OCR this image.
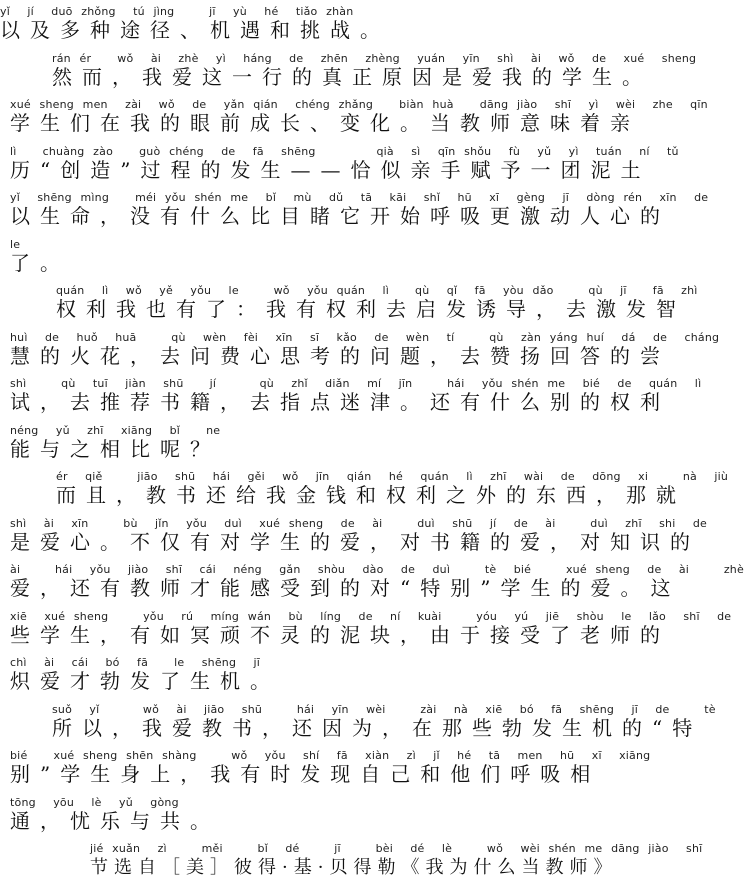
yǐ  jí  duō zhǒng  tú jìng    jī  yù  hé  tiǎo zhàn
以及多种途径、机遇和挑战。
rán ér   wǒ  ài  zhè  yì  háng  de  zhēn  zhèng  yuán  yīn  shì  ài  wǒ  de  xué  sheng
然而，我爱这一行的真正原因是爱我的学生。
xué sheng men  zài  wǒ  de  yǎn qián  chéng zhǎng   biàn huà   dāng jiào  shī  yì  wèi  zhe  qīn
学生们在我的眼前成长、变化。当教师意味着亲
lì   chuàng zào   guò chéng  de  fā  shēng       qià  sì  qīn shǒu  fù  yǔ  yì  tuán  ní  tǔ
历“创造”过程的发生——恰似亲手赋予一团泥土
yǐ  shēng mìng   méi yǒu shén me  bǐ  mù  dǔ  tā  kāi  shǐ  hū  xī  gèng  jī  dòng rén  xīn  de
以生命，没有什么比目睹它开始呼吸更激动人心的
le
了。
quán  lì  wǒ  yě  yǒu  le    wǒ  yǒu quán  lì   qù  qǐ  fā  yòu dǎo    qù  jī   fā  zhì
权利我也有了：我有权利去启发诱导，去激发智
huì  de  huǒ  huā    qù  wèn  fèi  xīn  sī  kǎo  de  wèn  tí    qù  zàn yáng huí  dá  de  cháng
慧的火花，去问费心思考的问题，去赞扬回答的尝
shì    qù  tuī  jiàn  shū   jí     qù  zhǐ  diǎn  mí  jīn    hái  yǒu shén me  bié  de  quán  lì
试，去推荐书籍，去指点迷津。还有什么别的权利
néng  yǔ  zhī  xiāng  bǐ   ne
能与之相比呢？
ér  qiě    jiāo  shū  hái  gěi  wǒ  jīn  qián  hé  quán  lì  zhī  wài  de  dōng  xi    nà  jiù
而且，教书还给我金钱和权利之外的东西，那就
shì  ài  xīn    bù  jǐn  yǒu  duì  xué sheng  de  ài    duì  shū  jí  de  ài    duì  zhī  shi  de
是爱心。不仅有对学生的爱，对书籍的爱，对知识的
ài    hái  yǒu  jiào  shī  cái  néng  gǎn  shòu  dào  de  duì    tè  bié    xué sheng  de  ài    zhè
爱，还有教师才能感受到的对“特别”学生的爱。这
xiē  xué sheng    yǒu  rú  míng wán  bù  líng  de  ní  kuài    yóu  yú  jiē  shòu  le  lǎo  shī  de
些学生，有如冥顽不灵的泥块，由于接受了老师的
chì  ài  cái  bó  fā   le  shēng  jī
炽爱才勃发了生机。
suǒ  yǐ     wǒ  ài  jiāo  shū    hái  yīn  wèi    zài  nà  xiē  bó  fā  shēng  jī  de    tè
所以，我爱教书，还因为，在那些勃发生机的“特
bié   xué sheng shēn shàng    wǒ  yǒu  shí  fā  xiàn  zì  jǐ  hé  tā  men  hū  xī  xiāng
别”学生身上，我有时发现自己和他们呼吸相
tōng  yōu  lè  yǔ  gòng
通，忧乐与共。
jié xuǎn  zì    měi    bǐ  dé    jī    bèi  dé  lè    wǒ  wèi shén me dāng jiào  shī
节选自［美］彼得·基·贝得勒《我为什么当教师》
